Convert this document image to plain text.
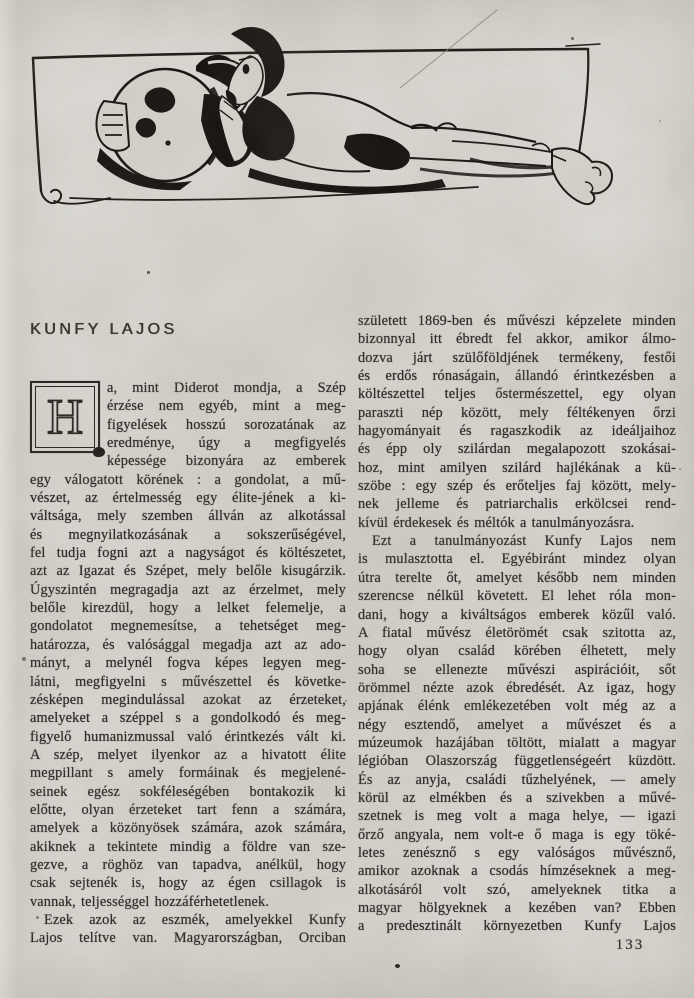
KUNFY LAJOS
H a, mint Diderot mondja, a Szép
érzése nem egyéb, mint a meg-
figyelések hosszú sorozatának az
eredménye, úgy a megfigyelés
képessége bizonyára az emberek
egy válogatott körének : a gondolat, a mű-
vészet, az értelmesség egy élite-jének a ki-
váltsága, mely szemben állván az alkotással
és megnyilatkozásának a sokszerűségével,
fel tudja fogni azt a nagyságot és költészetet,
azt az Igazat és Szépet, mely belőle kisugárzik.
Úgyszintén megragadja azt az érzelmet, mely
belőle kirezdül, hogy a lelket felemelje, a
gondolatot megnemesítse, a tehetséget meg-
határozza, és valósággal megadja azt az ado-
mányt, a melynél fogva képes legyen meg-
látni, megfigyelni s művészettel és követke-
zésképen megindulással azokat az érzeteket,
amelyeket a széppel s a gondolkodó és meg-
figyelő humanizmussal való érintkezés vált ki.
A szép, melyet ilyenkor az a hivatott élite
megpillant s amely formáinak és megjelené-
seinek egész sokféleségében bontakozik ki
előtte, olyan érzeteket tart fenn a számára,
amelyek a közönyösek számára, azok számára,
akiknek a tekintete mindig a földre van sze-
gezve, a röghöz van tapadva, anélkül, hogy
csak sejtenék is, hogy az égen csillagok is
vannak, teljességgel hozzáférhetetlenek.
Ezek azok az eszmék, amelyekkel Kunfy
Lajos telítve van. Magyarországban, Orciban
született 1869-ben és művészi képzelete minden
bizonnyal itt ébredt fel akkor, amikor álmo-
dozva járt szülőföldjének termékeny, festői
és erdős rónaságain, állandó érintkezésben a
költészettel teljes őstermészettel, egy olyan
paraszti nép között, mely féltékenyen őrzi
hagyományait és ragaszkodik az ideáljaihoz
és épp oly szilárdan megalapozott szokásai-
hoz, mint amilyen szilárd hajlékának a kü-
szöbe : egy szép és erőteljes faj között, mely-
nek jelleme és patriarchalis erkölcsei rend-
kívül érdekesek és méltók a tanulmányozásra.
Ezt a tanulmányozást Kunfy Lajos nem
is mulasztotta el. Egyébiránt mindez olyan
útra terelte őt, amelyet később nem minden
szerencse nélkül követett. El lehet róla mon-
dani, hogy a kiváltságos emberek közűl való.
A fiatal művész életörömét csak szitotta az,
hogy olyan család körében élhetett, mely
soha se ellenezte művészi aspirációit, sőt
örömmel nézte azok ébredését. Az igaz, hogy
apjának élénk emlékezetében volt még az a
négy esztendő, amelyet a művészet és a
múzeumok hazájában töltött, mialatt a magyar
légióban Olaszország függetlenségeért küzdött.
És az anyja, családi tűzhelyének, — amely
körül az elmékben és a szivekben a művé-
szetnek is meg volt a maga helye, — igazi
őrző angyala, nem volt-e ő maga is egy töké-
letes zenésznő s egy valóságos művésznő,
amikor azoknak a csodás hímzéseknek a meg-
alkotásáról volt szó, amelyeknek titka a
magyar hölgyeknek a kezében van? Ebben
a predesztinált környezetben Kunfy Lajos
133
